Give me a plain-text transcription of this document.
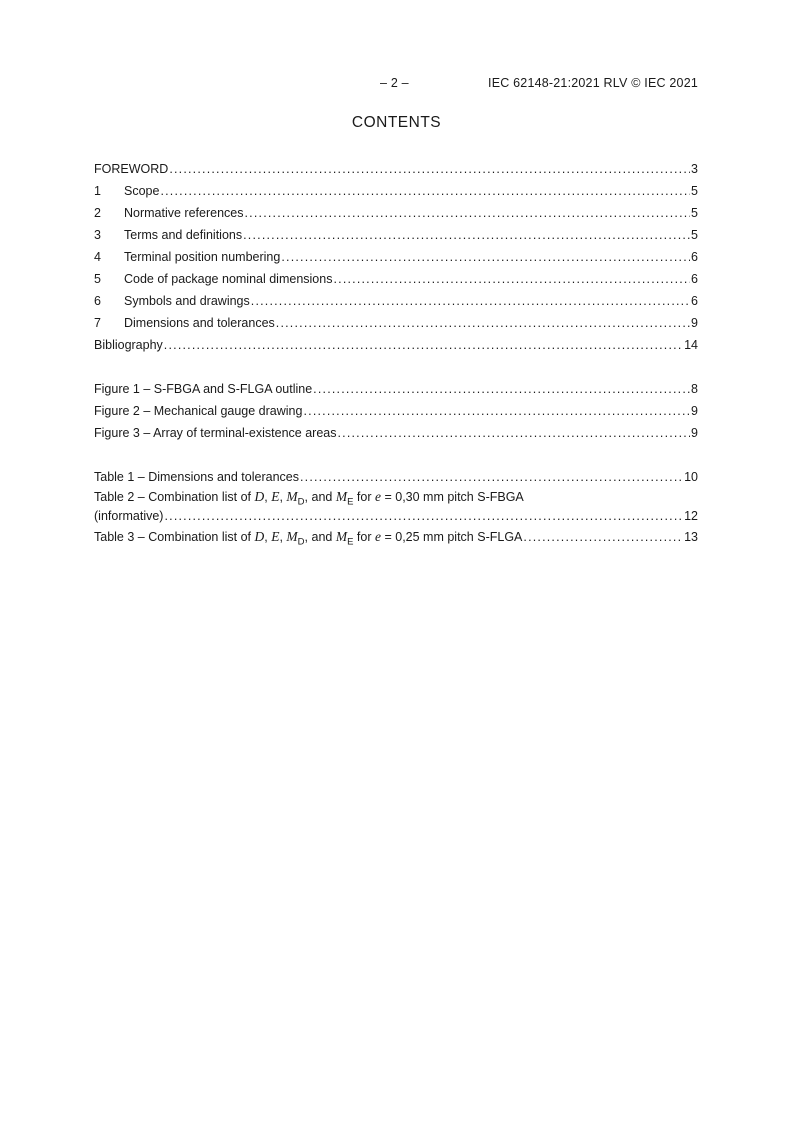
– 2 –	IEC 62148-21:2021 RLV © IEC 2021
CONTENTS
FOREWORD .....	3
1	Scope .....	5
2	Normative references .....	5
3	Terms and definitions .....	5
4	Terminal position numbering .....	6
5	Code of package nominal dimensions .....	6
6	Symbols and drawings .....	6
7	Dimensions and tolerances .....	9
Bibliography .....	14
Figure 1 – S-FBGA and S-FLGA outline .....	8
Figure 2 – Mechanical gauge drawing .....	9
Figure 3 – Array of terminal-existence areas .....	9
Table 1 – Dimensions and tolerances .....	10
Table 2 – Combination list of D, E, $M_D$, and $M_E$ for e = 0,30 mm pitch S-FBGA
(informative) .....	12
Table 3 – Combination list of D, E, $M_D$, and $M_E$ for e = 0,25 mm pitch S-FLGA .....	13
